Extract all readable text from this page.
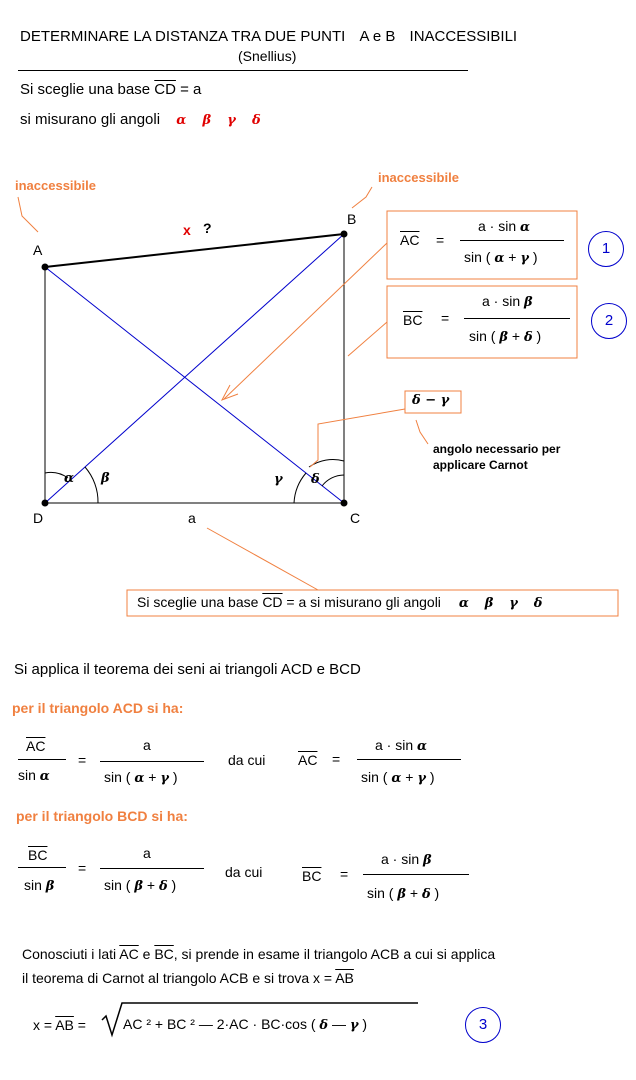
DETERMINARE LA DISTANZA TRA DUE PUNTI A e B INACCESSIBILI
(Snellius)
Si sceglie una base $\overline{CD} = a$
si misurano gli angoli α β γ δ
inaccessibile
inaccessibile
A
B
C
D
x ?
a
α β	γ δ
δ − γ
angolo necessario per
applicare Carnot
$\overline{AC}$ =
a · sin α
sin ( α + γ )	1
$\overline{BC}$ =
a · sin β
sin ( β + δ )
2
Si sceglie una base $\overline{CD} = a$ si misurano gli angoli α β γ δ
Si applica il teorema dei seni ai triangoli ACD e BCD
per il triangolo ACD si ha:
$\overline{AC}$
sin α
=
a
sin ( α + γ )
da cui $\overline{AC}$ =
a · sin α
sin ( α + γ )
per il triangolo BCD si ha:
$\overline{BC}$
sin β
=
a
sin ( β + δ )
da cui	$\overline{BC}$ =
a · sin β
sin ( β + δ )
Conosciuti i lati $\overline{AC}$ e $\overline{BC}$, si prende in esame il triangolo ACB a cui si applica
il teorema di Carnot al triangolo ACB e si trova $x = \overline{AB}$
$x = \overline{AB}$ =	AC ² + BC ² — 2·AC · BC·cos ( δ — γ )	3
